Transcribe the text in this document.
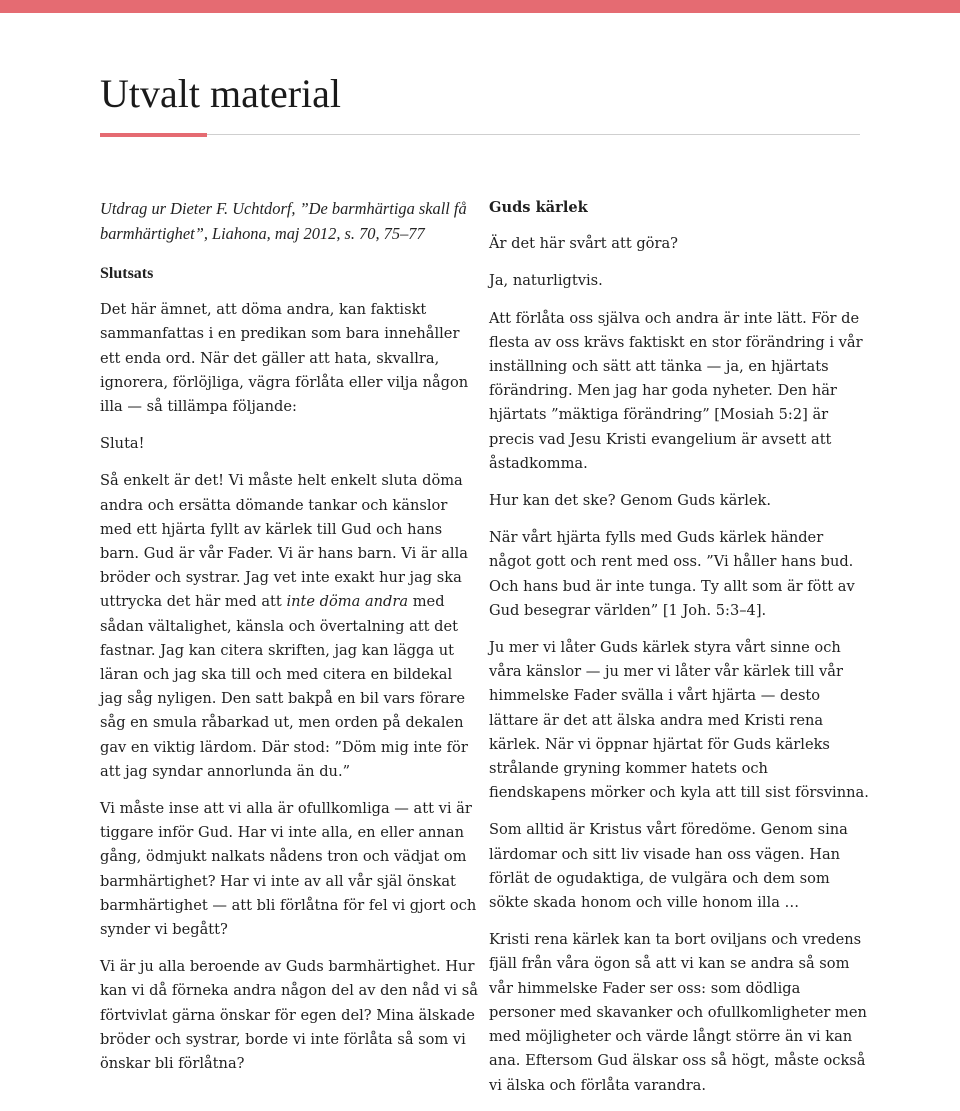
Utvalt material

Utdrag ur Dieter F. Uchtdorf, ”De barmhärtiga skall få barmhärtighet”, Liahona, maj 2012, s. 70, 75–77

Slutsats

Det här ämnet, att döma andra, kan faktiskt sammanfattas i en predikan som bara innehåller ett enda ord. När det gäller att hata, skvallra, ignorera, förlöjliga, vägra förlåta eller vilja någon illa — så tillämpa följande:

Sluta!

Så enkelt är det! Vi måste helt enkelt sluta döma andra och ersätta dömande tankar och känslor med ett hjärta fyllt av kärlek till Gud och hans barn. Gud är vår Fader. Vi är hans barn. Vi är alla bröder och systrar. Jag vet inte exakt hur jag ska uttrycka det här med att inte döma andra med sådan vältalighet, känsla och övertalning att det fastnar. Jag kan citera skriften, jag kan lägga ut läran och jag ska till och med citera en bildekal jag såg nyligen. Den satt bakpå en bil vars förare såg en smula råbarkad ut, men orden på dekalen gav en viktig lärdom. Där stod: ”Döm mig inte för att jag syndar annorlunda än du.”

Vi måste inse att vi alla är ofullkomliga — att vi är tiggare inför Gud. Har vi inte alla, en eller annan gång, ödmjukt nalkats nådens tron och vädjat om barmhärtighet? Har vi inte av all vår själ önskat barmhärtighet — att bli förlåtna för fel vi gjort och synder vi begått?

Vi är ju alla beroende av Guds barmhärtighet. Hur kan vi då förneka andra någon del av den nåd vi så förtvivlat gärna önskar för egen del? Mina älskade bröder och systrar, borde vi inte förlåta så som vi önskar bli förlåtna?

Guds kärlek

Är det här svårt att göra?

Ja, naturligtvis.

Att förlåta oss själva och andra är inte lätt. För de flesta av oss krävs faktiskt en stor förändring i vår inställning och sätt att tänka — ja, en hjärtats förändring. Men jag har goda nyheter. Den här hjärtats ”mäktiga förändring” [Mosiah 5:2] är precis vad Jesu Kristi evangelium är avsett att åstadkomma.

Hur kan det ske? Genom Guds kärlek.

När vårt hjärta fylls med Guds kärlek händer något gott och rent med oss. ”Vi håller hans bud. Och hans bud är inte tunga. Ty allt som är fött av Gud besegrar världen” [1 Joh. 5:3–4].

Ju mer vi låter Guds kärlek styra vårt sinne och våra känslor — ju mer vi låter vår kärlek till vår himmelske Fader svälla i vårt hjärta — desto lättare är det att älska andra med Kristi rena kärlek. När vi öppnar hjärtat för Guds kärleks strålande gryning kommer hatets och fiendskapens mörker och kyla att till sist försvinna.

Som alltid är Kristus vårt föredöme. Genom sina lärdomar och sitt liv visade han oss vägen. Han förlät de ogudaktiga, de vulgära och dem som sökte skada honom och ville honom illa …

Kristi rena kärlek kan ta bort oviljans och vredens fjäll från våra ögon så att vi kan se andra så som vår himmelske Fader ser oss: som dödliga personer med skavanker och ofullkomligheter men med möjligheter och värde långt större än vi kan ana. Eftersom Gud älskar oss så högt, måste också vi älska och förlåta varandra.
